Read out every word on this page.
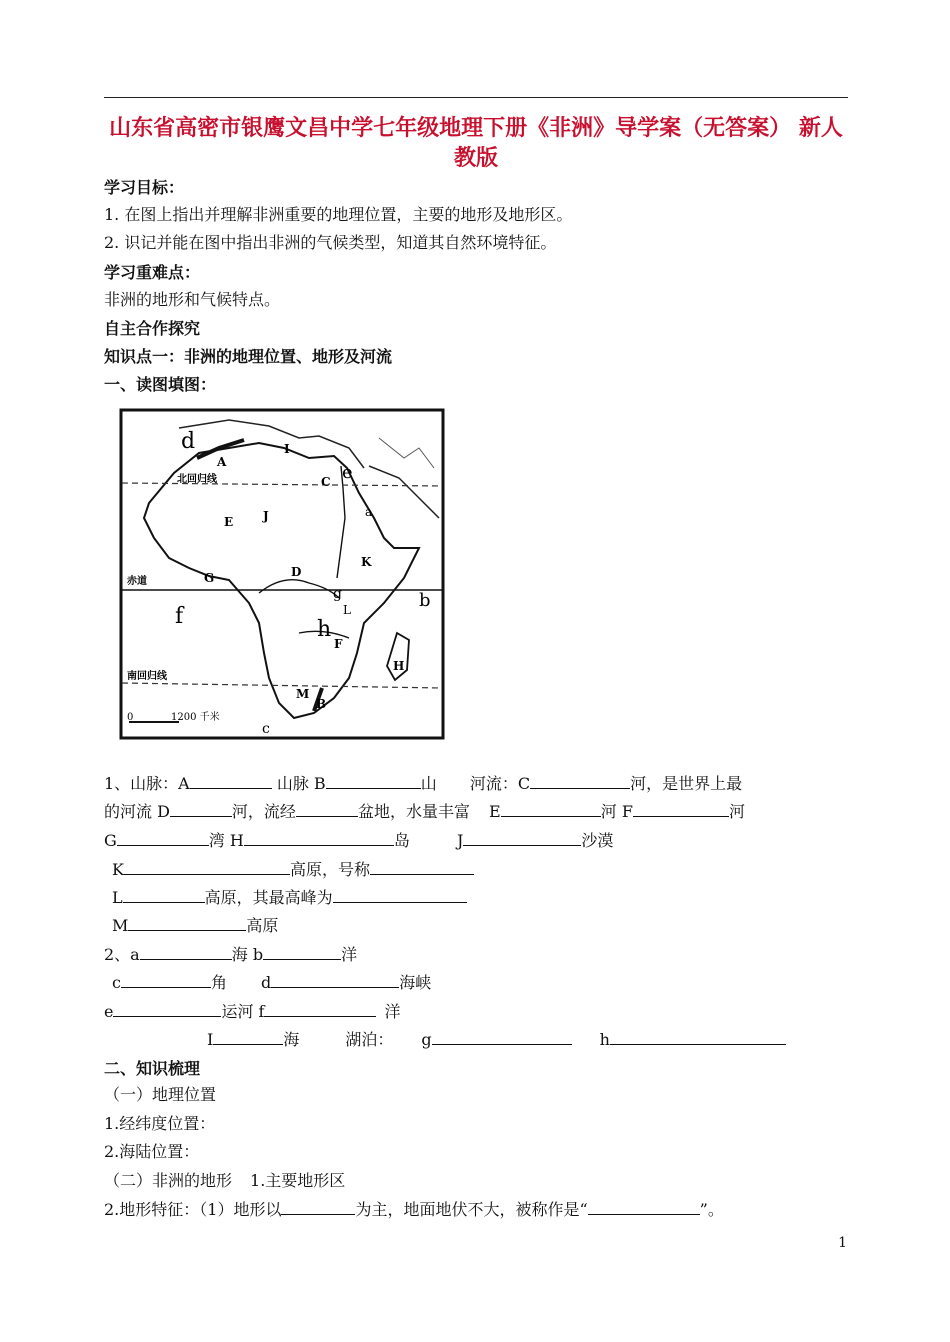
山东省高密市银鹰文昌中学七年级地理下册《非洲》导学案（无答案） 新人教版
学习目标：
1. 在图上指出并理解非洲重要的地理位置，主要的地形及地形区。
2. 识记并能在图中指出非洲的气候类型，知道其自然环境特征。
学习重难点：
非洲的地形和气候特点。
自主合作探究
知识点一：非洲的地理位置、地形及河流
一、读图填图：
北回归线
赤道
南回归线
0	1200 千米
A
B
C
D
E
F
G
H
I
J
K
L
M
b
c
d
e
f
g
h
a
1、山脉：A	山脉 B	山 河流：C	河，是世界上最
的河流 D	河，流经	盆地，水量丰富 E	河 F	河
G	湾 H	岛	J	沙漠
K	高原，号称
L	高原，其最高峰为
M	高原
2、a	海 b	洋
c	角 d	海峡
e	运河 f	洋
I	海	湖泊： g	h
二、知识梳理
（一）地理位置
1.经纬度位置：
2.海陆位置：
（二）非洲的地形 1.主要地形区
2.地形特征：（1）地形以	为主，地面地伏不大，被称作是“	”。
1
